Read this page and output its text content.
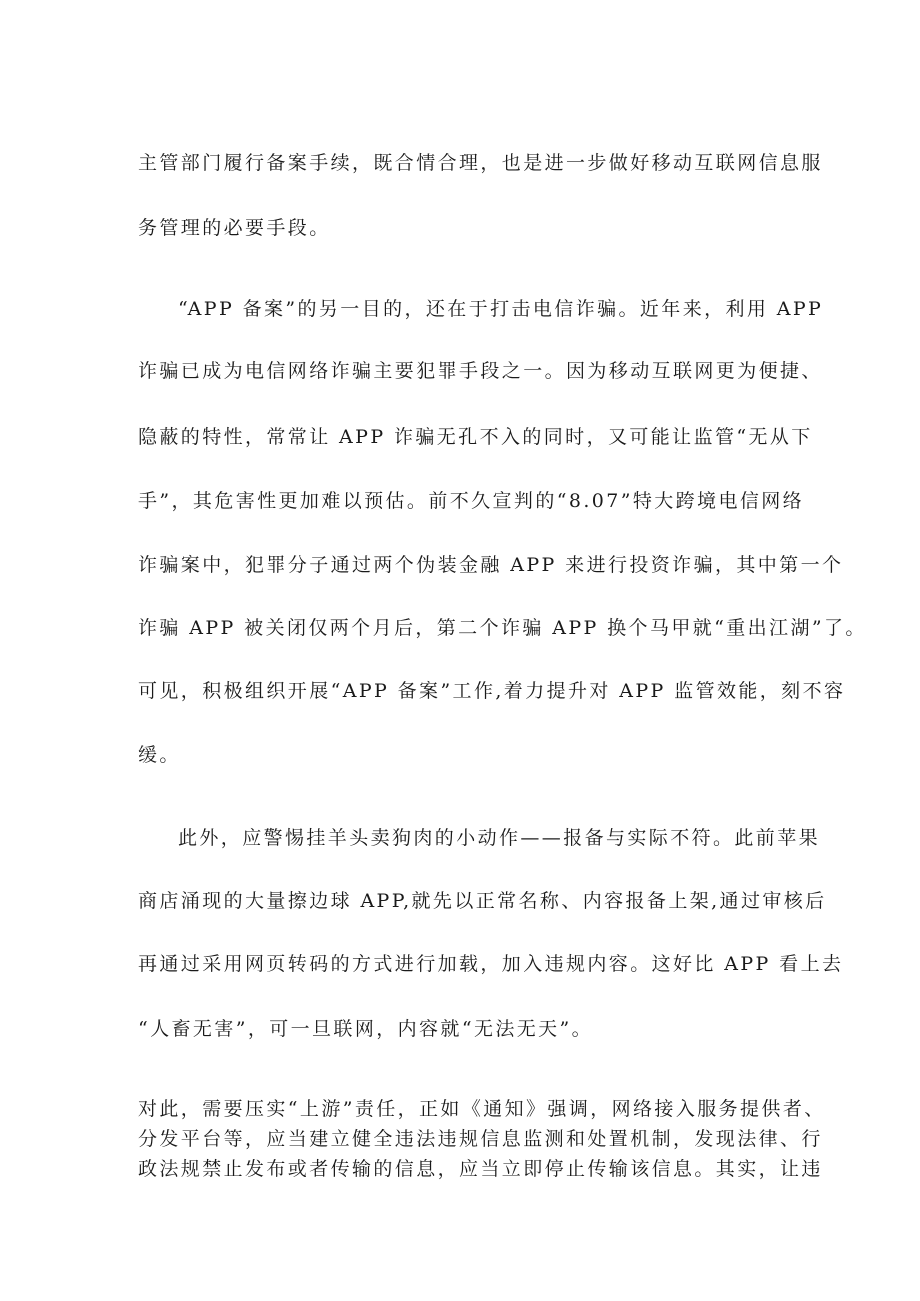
主管部门履行备案手续，既合情合理，也是进一步做好移动互联网信息服
务管理的必要手段。
“APP 备案”的另一目的，还在于打击电信诈骗。近年来，利用 APP
诈骗已成为电信网络诈骗主要犯罪手段之一。因为移动互联网更为便捷、
隐蔽的特性，常常让 APP 诈骗无孔不入的同时，又可能让监管“无从下
手”，其危害性更加难以预估。前不久宣判的“8.07”特大跨境电信网络
诈骗案中，犯罪分子通过两个伪装金融 APP 来进行投资诈骗，其中第一个
诈骗 APP 被关闭仅两个月后，第二个诈骗 APP 换个马甲就“重出江湖”了。
可见，积极组织开展“APP 备案”工作,着力提升对 APP 监管效能，刻不容
缓。
此外，应警惕挂羊头卖狗肉的小动作——报备与实际不符。此前苹果
商店涌现的大量擦边球 APP,就先以正常名称、内容报备上架,通过审核后
再通过采用网页转码的方式进行加载，加入违规内容。这好比 APP 看上去
“人畜无害”，可一旦联网，内容就“无法无天”。
对此，需要压实“上游”责任，正如《通知》强调，网络接入服务提供者、
分发平台等，应当建立健全违法违规信息监测和处置机制，发现法律、行
政法规禁止发布或者传输的信息，应当立即停止传输该信息。其实，让违
